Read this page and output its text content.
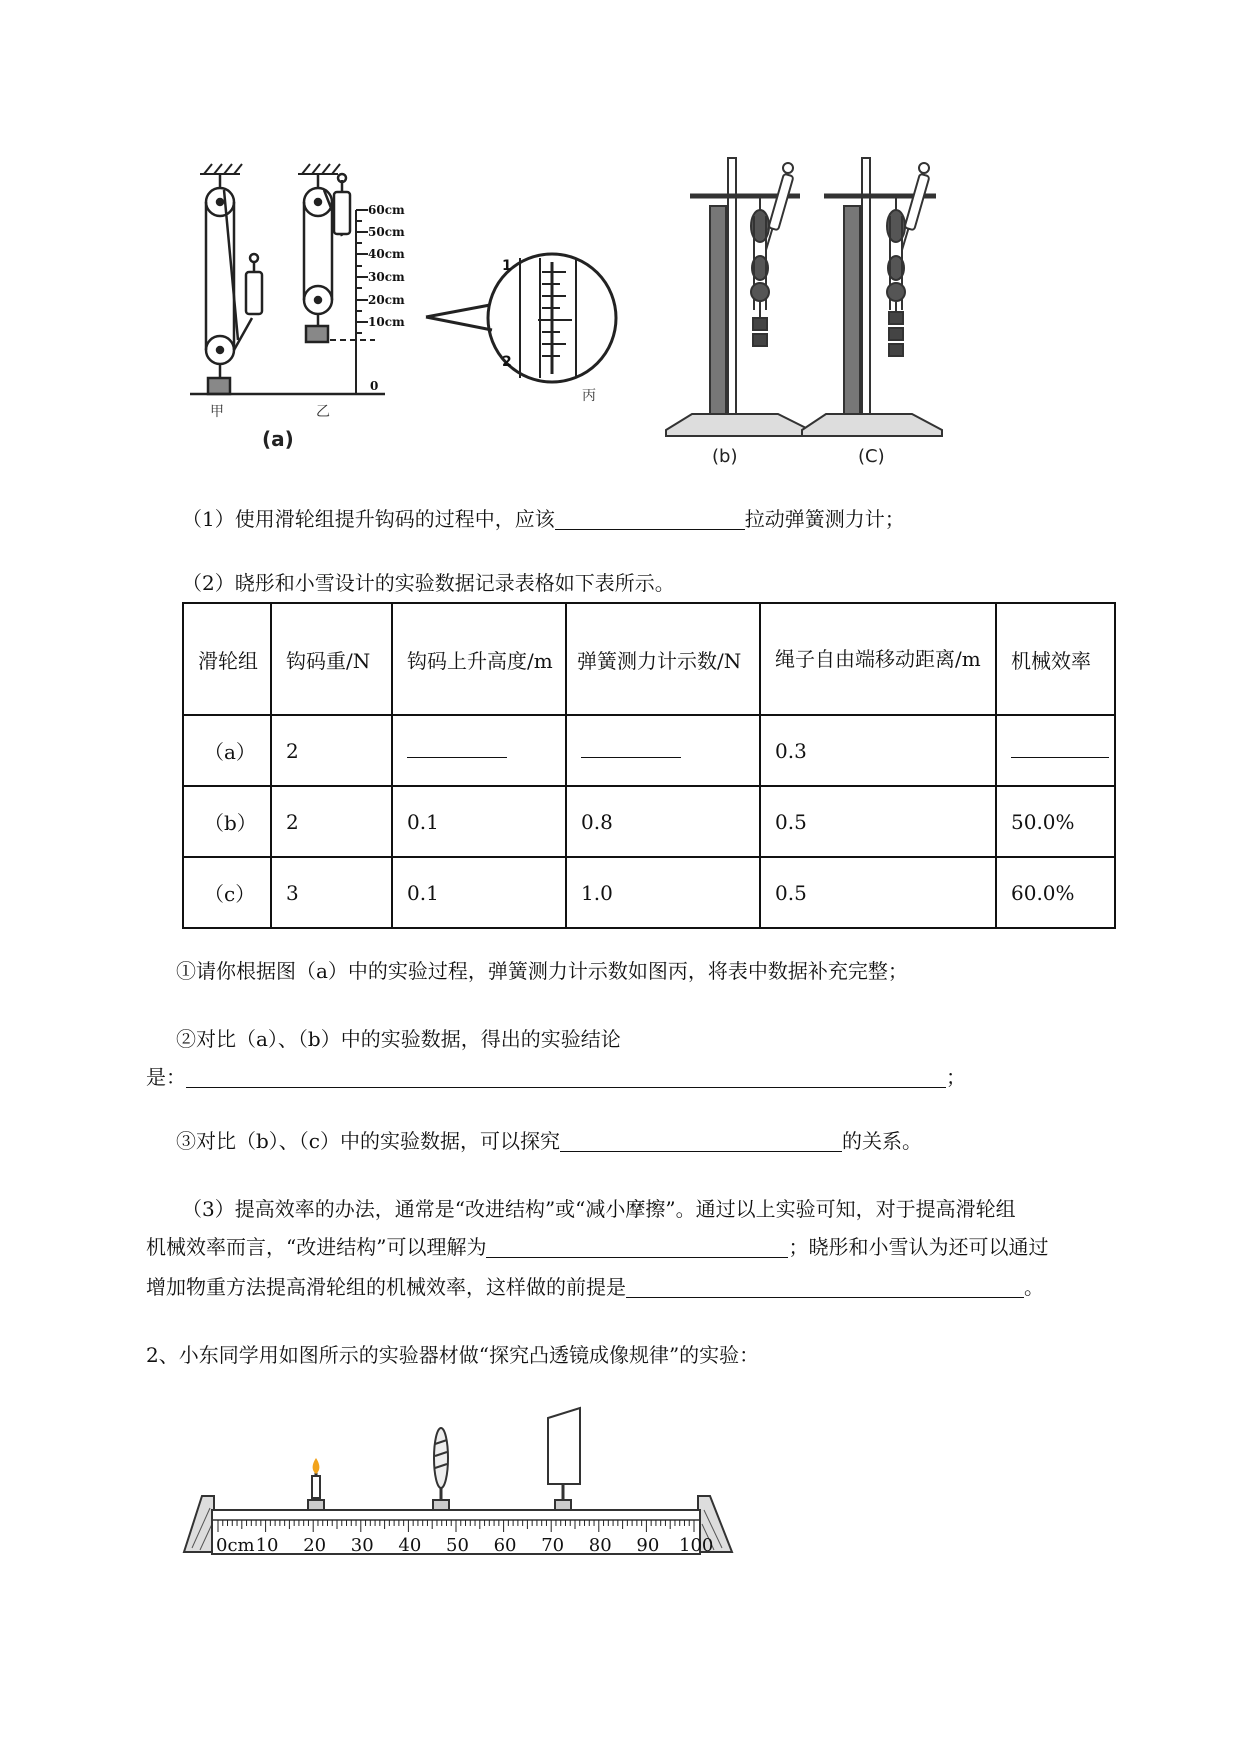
60cm
50cm
40cm
30cm
20cm
10cm
0
1
2
甲	乙
丙
(a)
(b)	(C)
（1）使用滑轮组提升钩码的过程中，应该	拉动弹簧测力计；
（2）晓彤和小雪设计的实验数据记录表格如下表所示。
滑轮组	钩码重/N	钩码上升高度/m	弹簧测力计示数/N	绳子自由端移动距离/m	机械效率
（a）	2			0.3	
（b）	2	0.1	0.8	0.5	50.0%
（c）	3	0.1	1.0	0.5	60.0%
①请你根据图（a）中的实验过程，弹簧测力计示数如图丙，将表中数据补充完整；
②对比（a）、（b）中的实验数据，得出的实验结论
是：	；
③对比（b）、（c）中的实验数据，可以探究	的关系。
（3）提高效率的办法，通常是“改进结构”或“减小摩擦”。通过以上实验可知，对于提高滑轮组
机械效率而言，“改进结构”可以理解为	；晓彤和小雪认为还可以通过
增加物重方法提高滑轮组的机械效率，这样做的前提是	。
2、小东同学用如图所示的实验器材做“探究凸透镜成像规律”的实验：
0cm 10 20 30 40 50 60 70 80 90 100
